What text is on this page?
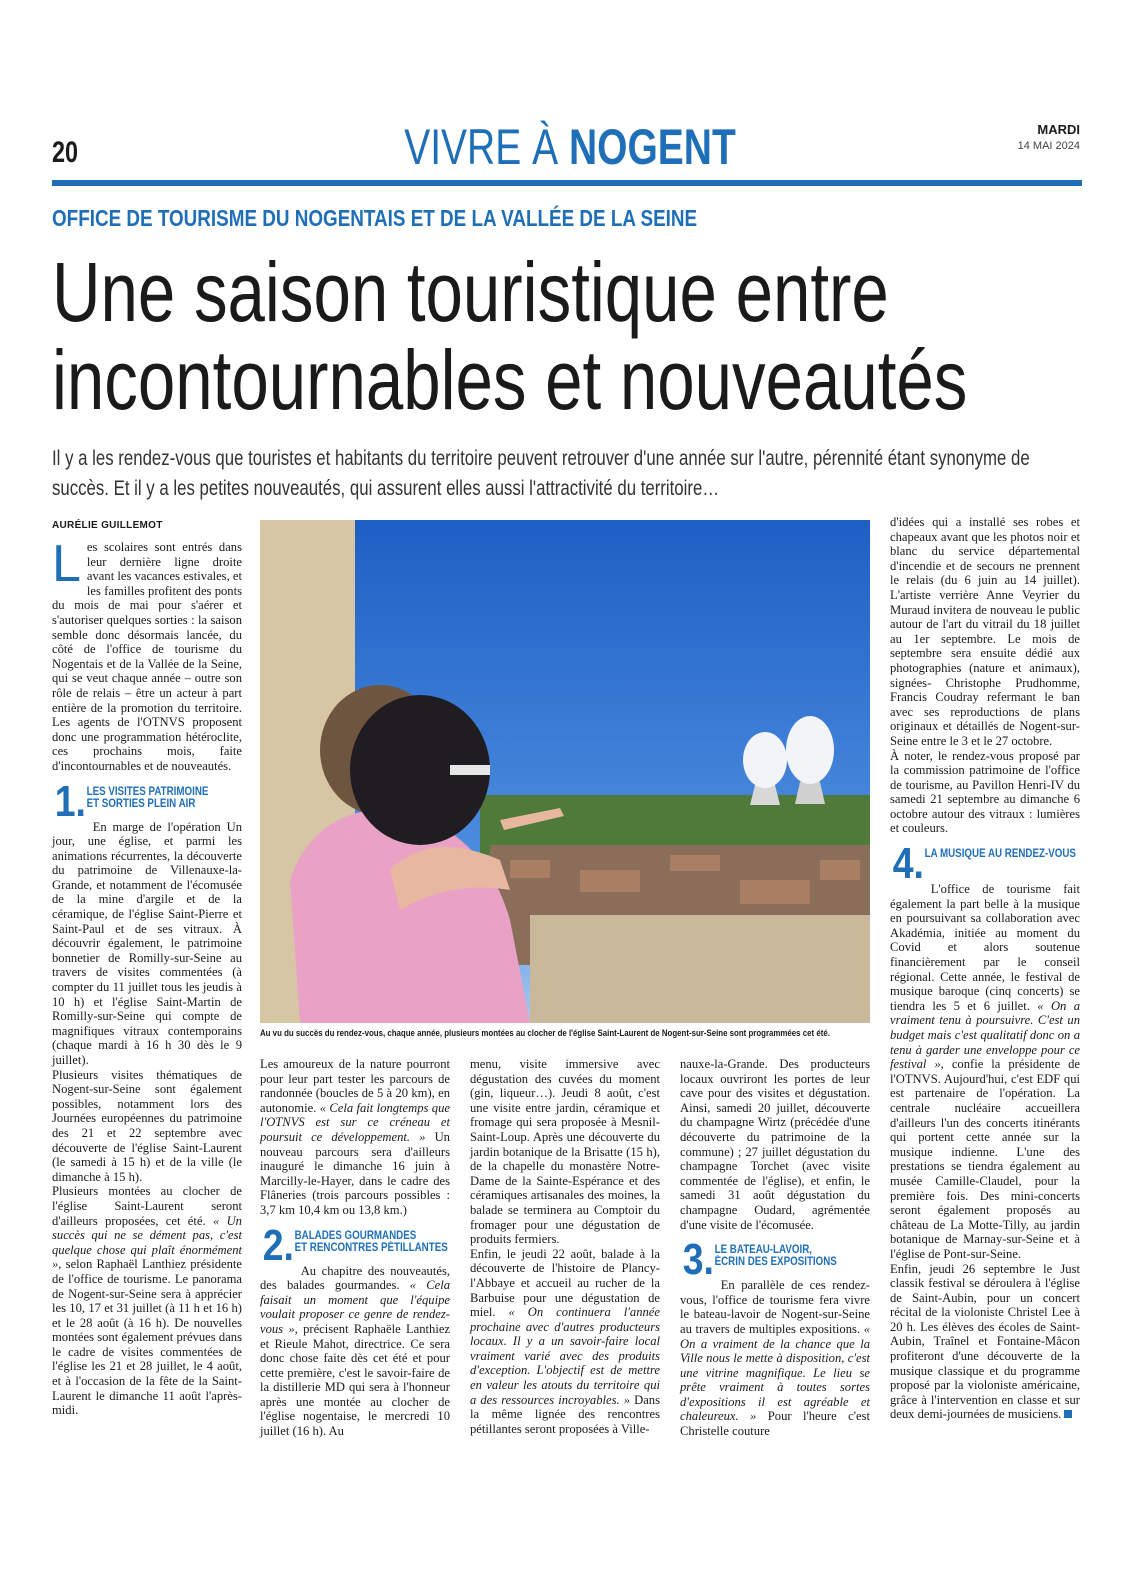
20	VIVRE À NOGENT	MARDI
14 MAI 2024
OFFICE DE TOURISME DU NOGENTAIS ET DE LA VALLÉE DE LA SEINE
Une saison touristique entre
incontournables et nouveautés
Il y a les rendez-vous que touristes et habitants du territoire peuvent retrouver d'une année sur l'autre, pérennité étant synonyme de succès. Et il y a les petites nouveautés, qui assurent elles aussi l'attractivité du territoire…
AURÉLIE GUILLEMOT

Les scolaires sont entrés dans leur dernière ligne droite avant les vacances estivales, et les familles profitent des ponts du mois de mai pour s'aérer et s'autoriser quelques sorties : la saison semble donc désormais lancée, du côté de l'office de tourisme du Nogentais et de la Vallée de la Seine, qui se veut chaque année – outre son rôle de relais – être un acteur à part entière de la promotion du territoire. Les agents de l'OTNVS proposent donc une programmation hétéroclite, ces prochains mois, faite d'incontournables et de nouveautés.

1. LES VISITES PATRIMOINE
ET SORTIES PLEIN AIR

En marge de l'opération Un jour, une église, et parmi les animations récurrentes, la découverte du patrimoine de Villenauxe-la-Grande, et notamment de l'écomusée de la mine d'argile et de la céramique, de l'église Saint-Pierre et Saint-Paul et de ses vitraux. À découvrir également, le patrimoine bonnetier de Romilly-sur-Seine au travers de visites commentées (à compter du 11 juillet tous les jeudis à 10 h) et l'église Saint-Martin de Romilly-sur-Seine qui compte de magnifiques vitraux contemporains (chaque mardi à 16 h 30 dès le 9 juillet).

Plusieurs visites thématiques de Nogent-sur-Seine sont également possibles, notamment lors des Journées européennes du patrimoine des 21 et 22 septembre avec découverte de l'église Saint-Laurent (le samedi à 15 h) et de la ville (le dimanche à 15 h).

Plusieurs montées au clocher de l'église Saint-Laurent seront d'ailleurs proposées, cet été. « Un succès qui ne se dément pas, c'est quelque chose qui plaît énormément », selon Raphaël Lanthiez présidente de l'office de tourisme. Le panorama de Nogent-sur-Seine sera à apprécier les 10, 17 et 31 juillet (à 11 h et 16 h) et le 28 août (à 16 h). De nouvelles montées sont également prévues dans le cadre de visites commentées de l'église les 21 et 28 juillet, le 4 août, et à l'occasion de la fête de la Saint-Laurent le dimanche 11 août l'après-midi.

Au vu du succès du rendez-vous, chaque année, plusieurs montées au clocher de l'église Saint-Laurent de Nogent-sur-Seine sont programmées cet été.

Les amoureux de la nature pourront pour leur part tester les parcours de randonnée (boucles de 5 à 20 km), en autonomie. « Cela fait longtemps que l'OTNVS est sur ce créneau et poursuit ce développement. » Un nouveau parcours sera d'ailleurs inauguré le dimanche 16 juin à Marcilly-le-Hayer, dans le cadre des Flâneries (trois parcours possibles : 3,7 km 10,4 km ou 13,8 km.)

2. BALADES GOURMANDES
ET RENCONTRES PÉTILLANTES

Au chapitre des nouveautés, des balades gourmandes. « Cela faisait un moment que l'équipe voulait proposer ce genre de rendez-vous », précisent Raphaële Lanthiez et Rieule Mahot, directrice. Ce sera donc chose faite dès cet été et pour cette première, c'est le savoir-faire de la distillerie MD qui sera à l'honneur après une montée au clocher de l'église nogentaise, le mercredi 10 juillet (16 h). Au

menu, visite immersive avec dégustation des cuvées du moment (gin, liqueur…). Jeudi 8 août, c'est une visite entre jardin, céramique et fromage qui sera proposée à Mesnil-Saint-Loup. Après une découverte du jardin botanique de la Brisatte (15 h), de la chapelle du monastère Notre-Dame de la Sainte-Espérance et des céramiques artisanales des moines, la balade se terminera au Comptoir du fromager pour une dégustation de produits fermiers.

Enfin, le jeudi 22 août, balade à la découverte de l'histoire de Plancy-l'Abbaye et accueil au rucher de la Barbuise pour une dégustation de miel. « On continuera l'année prochaine avec d'autres producteurs locaux. Il y a un savoir-faire local vraiment varié avec des produits d'exception. L'objectif est de mettre en valeur les atouts du territoire qui a des ressources incroyables. » Dans la même lignée des rencontres pétillantes seront proposées à Ville-

nauxe-la-Grande. Des producteurs locaux ouvriront les portes de leur cave pour des visites et dégustation. Ainsi, samedi 20 juillet, découverte du champagne Wirtz (précédée d'une découverte du patrimoine de la commune) ; 27 juillet dégustation du champagne Torchet (avec visite commentée de l'église), et enfin, le samedi 31 août dégustation du champagne Oudard, agrémentée d'une visite de l'écomusée.

3. LE BATEAU-LAVOIR,
ÉCRIN DES EXPOSITIONS

En parallèle de ces rendez-vous, l'office de tourisme fera vivre le bateau-lavoir de Nogent-sur-Seine au travers de multiples expositions. « On a vraiment de la chance que la Ville nous le mette à disposition, c'est une vitrine magnifique. Le lieu se prête vraiment à toutes sortes d'expositions il est agréable et chaleureux. » Pour l'heure c'est Christelle couture

d'idées qui a installé ses robes et chapeaux avant que les photos noir et blanc du service départemental d'incendie et de secours ne prennent le relais (du 6 juin au 14 juillet). L'artiste verrière Anne Veyrier du Muraud invitera de nouveau le public autour de l'art du vitrail du 18 juillet au 1er septembre. Le mois de septembre sera ensuite dédié aux photographies (nature et animaux), signées- Christophe Prudhomme, Francis Coudray refermant le ban avec ses reproductions de plans originaux et détaillés de Nogent-sur-Seine entre le 3 et le 27 octobre.

À noter, le rendez-vous proposé par la commission patrimoine de l'office de tourisme, au Pavillon Henri-IV du samedi 21 septembre au dimanche 6 octobre autour des vitraux : lumières et couleurs.

4. LA MUSIQUE AU RENDEZ-VOUS

L'office de tourisme fait également la part belle à la musique en poursuivant sa collaboration avec Akadémia, initiée au moment du Covid et alors soutenue financièrement par le conseil régional. Cette année, le festival de musique baroque (cinq concerts) se tiendra les 5 et 6 juillet. « On a vraiment tenu à poursuivre. C'est un budget mais c'est qualitatif donc on a tenu à garder une enveloppe pour ce festival », confie la présidente de l'OTNVS. Aujourd'hui, c'est EDF qui est partenaire de l'opération. La centrale nucléaire accueillera d'ailleurs l'un des concerts itinérants qui portent cette année sur la musique indienne. L'une des prestations se tiendra également au musée Camille-Claudel, pour la première fois. Des mini-concerts seront également proposés au château de La Motte-Tilly, au jardin botanique de Marnay-sur-Seine et à l'église de Pont-sur-Seine.

Enfin, jeudi 26 septembre le Just classik festival se déroulera à l'église de Saint-Aubin, pour un concert récital de la violoniste Christel Lee à 20 h. Les élèves des écoles de Saint-Aubin, Traînel et Fontaine-Mâcon profiteront d'une découverte de la musique classique et du programme proposé par la violoniste américaine, grâce à l'intervention en classe et sur deux demi-journées de musiciens.
